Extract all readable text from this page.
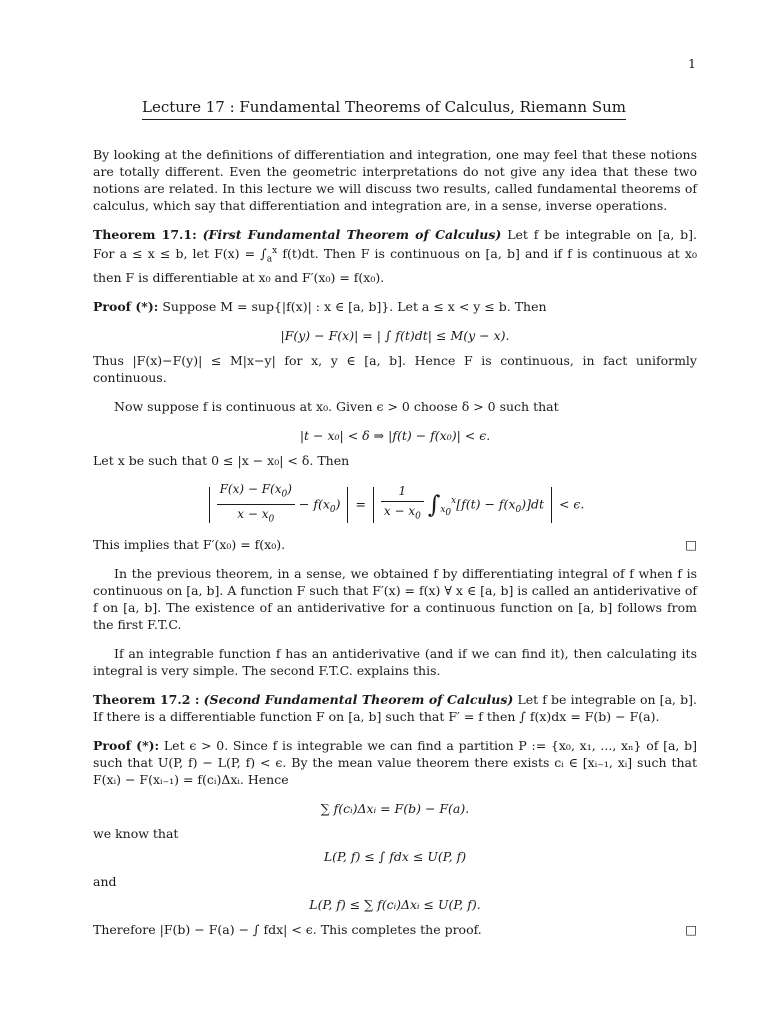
1
Lecture 17 : Fundamental Theorems of Calculus, Riemann Sum

By looking at the definitions of differentiation and integration, one may feel that these notions are totally different. Even the geometric interpretations do not give any idea that these two notions are related. In this lecture we will discuss two results, called fundamental theorems of calculus, which say that differentiation and integration are, in a sense, inverse operations.

Theorem 17.1: (First Fundamental Theorem of Calculus) Let f be integrable on [a, b]. For a ≤ x ≤ b, let $F(x) = \int_a^x$ f(t)dt. Then F is continuous on [a, b] and if f is continuous at x₀ then F is differentiable at x₀ and F′(x₀) = f(x₀).

Proof (*): Suppose M = sup{|f(x)| : x ∈ [a, b]}. Let a ≤ x < y ≤ b. Then

|F(y) − F(x)| = | ∫ f(t)dt| ≤ M(y − x).

Thus |F(x)−F(y)| ≤ M|x−y| for x, y ∈ [a, b]. Hence F is continuous, in fact uniformly continuous.

Now suppose f is continuous at x₀. Given ϵ > 0 choose δ > 0 such that

|t − x₀| < δ ⇒ |f(t) − f(x₀)| < ϵ.

Let x be such that 0 ≤ |x − x₀| < δ. Then

$\frac{F(x) - F(x_0)}{x - x_0} - f(x_0) = \frac{1}{x - x_0} \int_{x_0}^x[f(t) - f(x_0)]dt < \epsilon$.

This implies that F′(x₀) = f(x₀).	□

In the previous theorem, in a sense, we obtained f by differentiating integral of f when f is continuous on [a, b]. A function F such that F′(x) = f(x) ∀ x ∈ [a, b] is called an antiderivative of f on [a, b]. The existence of an antiderivative for a continuous function on [a, b] follows from the first F.T.C.

If an integrable function f has an antiderivative (and if we can find it), then calculating its integral is very simple. The second F.T.C. explains this.

Theorem 17.2 : (Second Fundamental Theorem of Calculus) Let f be integrable on [a, b]. If there is a differentiable function F on [a, b] such that F′ = f then ∫ f(x)dx = F(b) − F(a).

Proof (*): Let ϵ > 0. Since f is integrable we can find a partition P := {x₀, x₁, ..., xₙ} of [a, b] such that U(P, f) − L(P, f) < ϵ. By the mean value theorem there exists cᵢ ∈ [xᵢ₋₁, xᵢ] such that F(xᵢ) − F(xᵢ₋₁) = f(cᵢ)Δxᵢ. Hence

∑ f(cᵢ)Δxᵢ = F(b) − F(a).

we know that

L(P, f) ≤ ∫ fdx ≤ U(P, f)

and

L(P, f) ≤ ∑ f(cᵢ)Δxᵢ ≤ U(P, f).

Therefore |F(b) − F(a) − ∫ fdx| < ϵ. This completes the proof.	□
